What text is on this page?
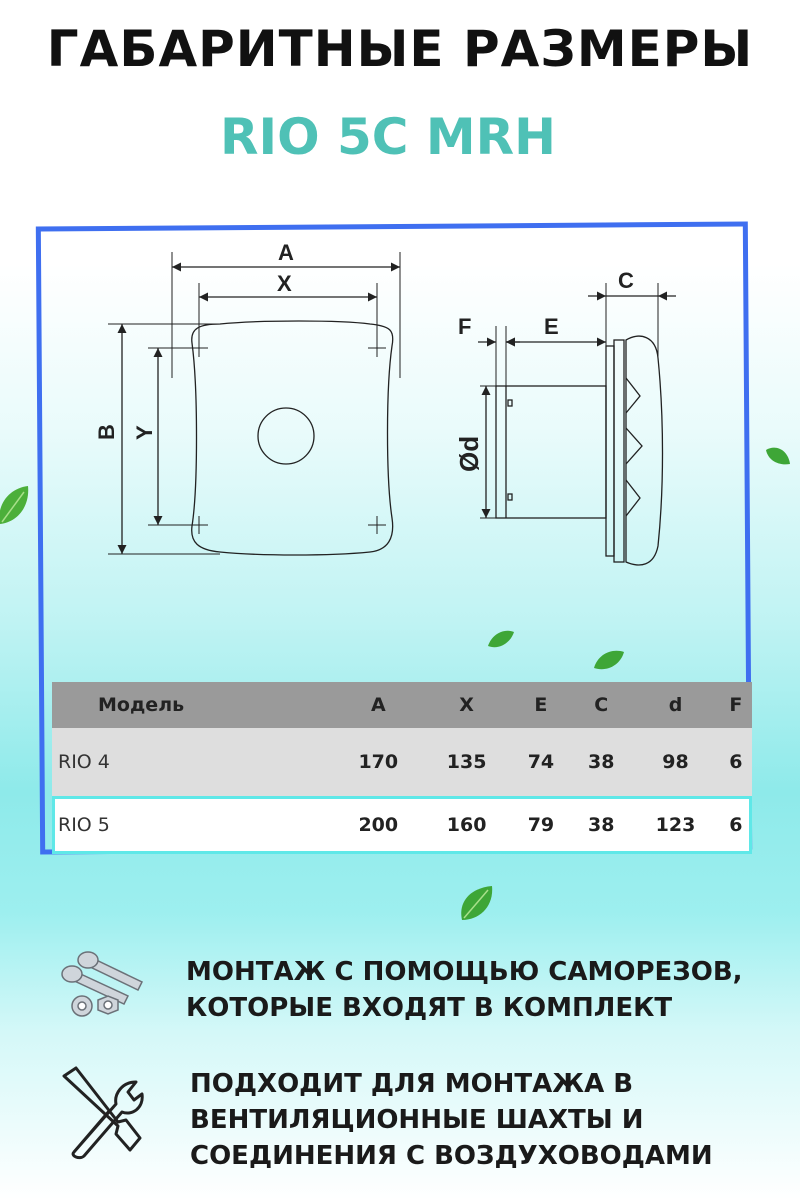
ГАБАРИТНЫЕ РАЗМЕРЫ
RIO 5C MRH
A
X
B Y
F	E
C
Ød
Модель	A	X	E	C	d	F
RIO 4	170	135	74	38	98	6
RIO 5	200	160	79	38	123	6

МОНТАЖ С ПОМОЩЬЮ САМОРЕЗОВ,
КОТОРЫЕ ВХОДЯТ В КОМПЛЕКТ

ПОДХОДИТ ДЛЯ МОНТАЖА В
ВЕНТИЛЯЦИОННЫЕ ШАХТЫ И
СОЕДИНЕНИЯ С ВОЗДУХОВОДАМИ
